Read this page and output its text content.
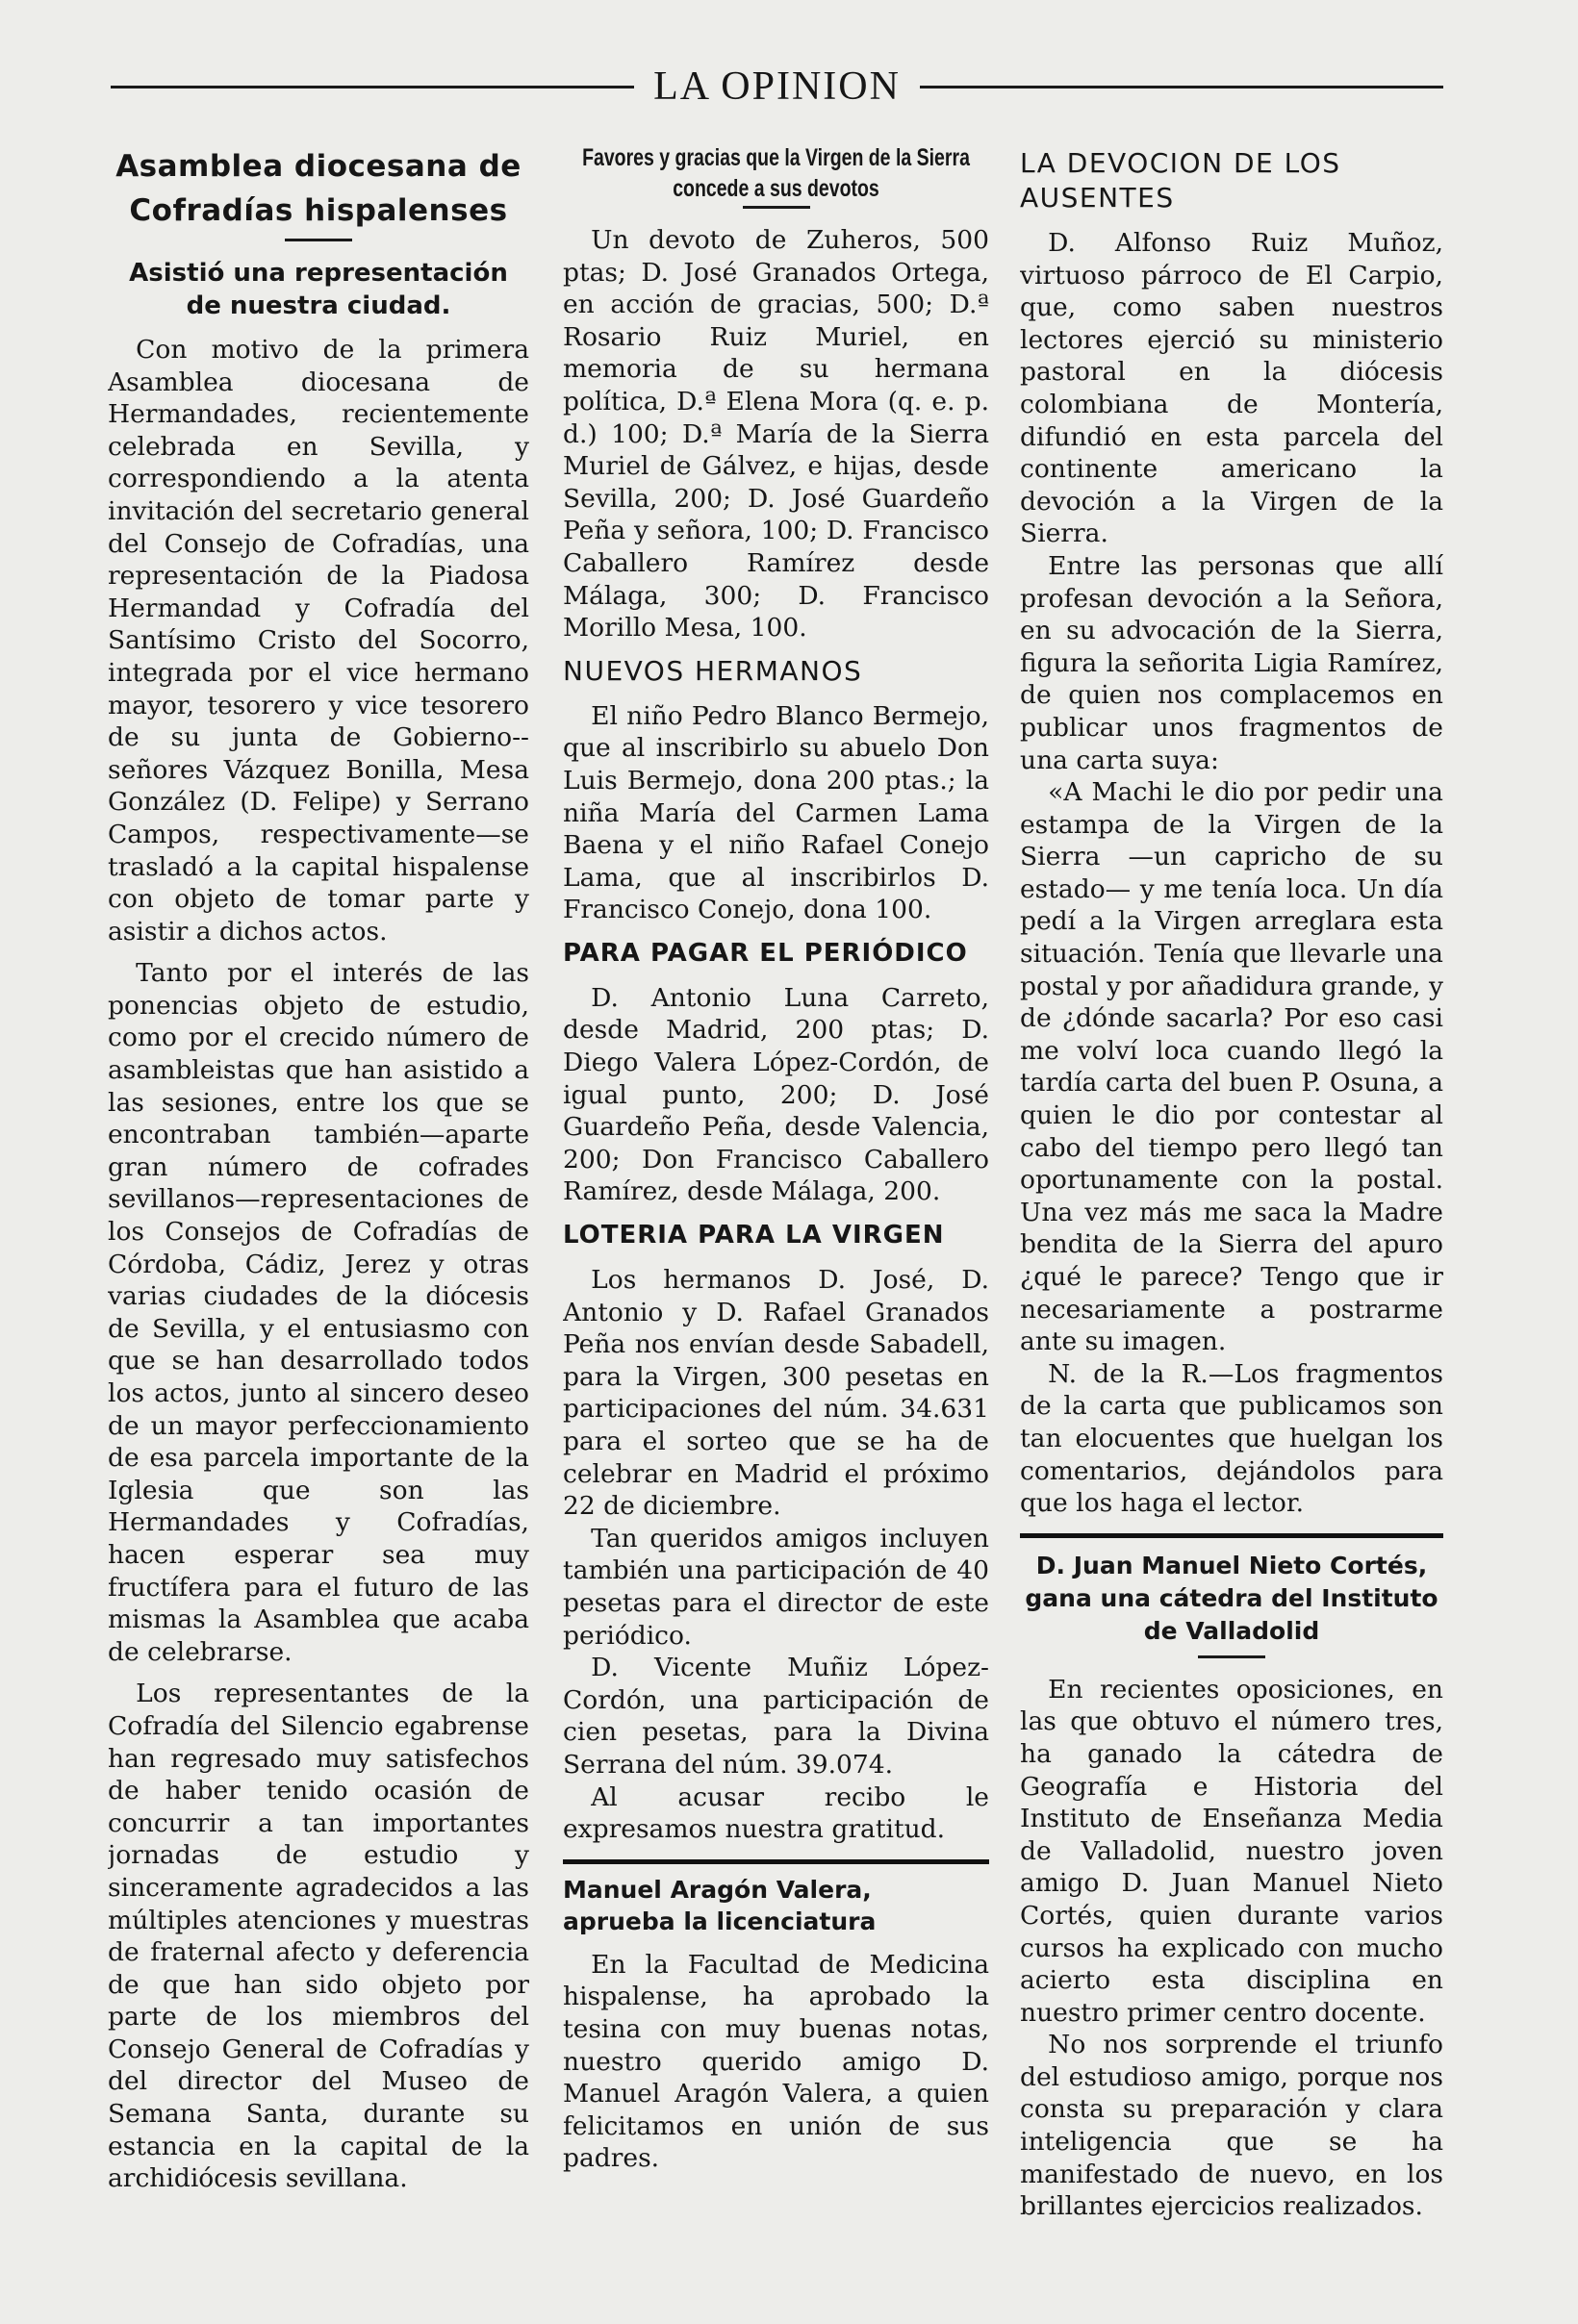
LA OPINION
Asamblea diocesana de Cofradías hispalenses
Asistió una representación de nuestra ciudad.

Con motivo de la primera Asamblea diocesana de Hermandades, recientemente celebrada en Sevilla, y correspondiendo a la atenta invitación del secretario general del Consejo de Cofradías, una representación de la Piadosa Hermandad y Cofradía del Santísimo Cristo del Socorro, integrada por el vice hermano mayor, tesorero y vice tesorero de su junta de Gobierno--señores Vázquez Bonilla, Mesa González (D. Felipe) y Serrano Campos, respectivamente—se trasladó a la capital hispalense con objeto de tomar parte y asistir a dichos actos.

Tanto por el interés de las ponencias objeto de estudio, como por el crecido número de asambleistas que han asistido a las sesiones, entre los que se encontraban también—aparte gran número de cofrades sevillanos—representaciones de los Consejos de Cofradías de Córdoba, Cádiz, Jerez y otras varias ciudades de la diócesis de Sevilla, y el entusiasmo con que se han desarrollado todos los actos, junto al sincero deseo de un mayor perfeccionamiento de esa parcela importante de la Iglesia que son las Hermandades y Cofradías, hacen esperar sea muy fructífera para el futuro de las mismas la Asamblea que acaba de celebrarse.

Los representantes de la Cofradía del Silencio egabrense han regresado muy satisfechos de haber tenido ocasión de concurrir a tan importantes jornadas de estudio y sinceramente agradecidos a las múltiples atenciones y muestras de fraternal afecto y deferencia de que han sido objeto por parte de los miembros del Consejo General de Cofradías y del director del Museo de Semana Santa, durante su estancia en la capital de la archidiócesis sevillana.

Favores y gracias que la Virgen de la Sierra concede a sus devotos

Un devoto de Zuheros, 500 ptas; D. José Granados Ortega, en acción de gracias, 500; D.ª Rosario Ruiz Muriel, en memoria de su hermana política, D.ª Elena Mora (q. e. p. d.) 100; D.ª María de la Sierra Muriel de Gálvez, e hijas, desde Sevilla, 200; D. José Guardeño Peña y señora, 100; D. Francisco Caballero Ramírez desde Málaga, 300; D. Francisco Morillo Mesa, 100.

NUEVOS HERMANOS

El niño Pedro Blanco Bermejo, que al inscribirlo su abuelo Don Luis Bermejo, dona 200 ptas.; la niña María del Carmen Lama Baena y el niño Rafael Conejo Lama, que al inscribirlos D. Francisco Conejo, dona 100.

PARA PAGAR EL PERIÓDICO

D. Antonio Luna Carreto, desde Madrid, 200 ptas; D. Diego Valera López-Cordón, de igual punto, 200; D. José Guardeño Peña, desde Valencia, 200; Don Francisco Caballero Ramírez, desde Málaga, 200.

LOTERIA PARA LA VIRGEN

Los hermanos D. José, D. Antonio y D. Rafael Granados Peña nos envían desde Sabadell, para la Virgen, 300 pesetas en participaciones del núm. 34.631 para el sorteo que se ha de celebrar en Madrid el próximo 22 de diciembre.

Tan queridos amigos incluyen también una participación de 40 pesetas para el director de este periódico.

D. Vicente Muñiz López-Cordón, una participación de cien pesetas, para la Divina Serrana del núm. 39.074.

Al acusar recibo le expresamos nuestra gratitud.

Manuel Aragón Valera, aprueba la licenciatura

En la Facultad de Medicina hispalense, ha aprobado la tesina con muy buenas notas, nuestro querido amigo D. Manuel Aragón Valera, a quien felicitamos en unión de sus padres.

LA DEVOCION DE LOS AUSENTES

D. Alfonso Ruiz Muñoz, virtuoso párroco de El Carpio, que, como saben nuestros lectores ejerció su ministerio pastoral en la diócesis colombiana de Montería, difundió en esta parcela del continente americano la devoción a la Virgen de la Sierra.

Entre las personas que allí profesan devoción a la Señora, en su advocación de la Sierra, figura la señorita Ligia Ramírez, de quien nos complacemos en publicar unos fragmentos de una carta suya:

«A Machi le dio por pedir una estampa de la Virgen de la Sierra —un capricho de su estado— y me tenía loca. Un día pedí a la Virgen arreglara esta situación. Tenía que llevarle una postal y por añadidura grande, y de ¿dónde sacarla? Por eso casi me volví loca cuando llegó la tardía carta del buen P. Osuna, a quien le dio por contestar al cabo del tiempo pero llegó tan oportunamente con la postal. Una vez más me saca la Madre bendita de la Sierra del apuro ¿qué le parece? Tengo que ir necesariamente a postrarme ante su imagen.

N. de la R.—Los fragmentos de la carta que publicamos son tan elocuentes que huelgan los comentarios, dejándolos para que los haga el lector.

D. Juan Manuel Nieto Cortés, gana una cátedra del Instituto de Valladolid

En recientes oposiciones, en las que obtuvo el número tres, ha ganado la cátedra de Geografía e Historia del Instituto de Enseñanza Media de Valladolid, nuestro joven amigo D. Juan Manuel Nieto Cortés, quien durante varios cursos ha explicado con mucho acierto esta disciplina en nuestro primer centro docente.

No nos sorprende el triunfo del estudioso amigo, porque nos consta su preparación y clara inteligencia que se ha manifestado de nuevo, en los brillantes ejercicios realizados.
